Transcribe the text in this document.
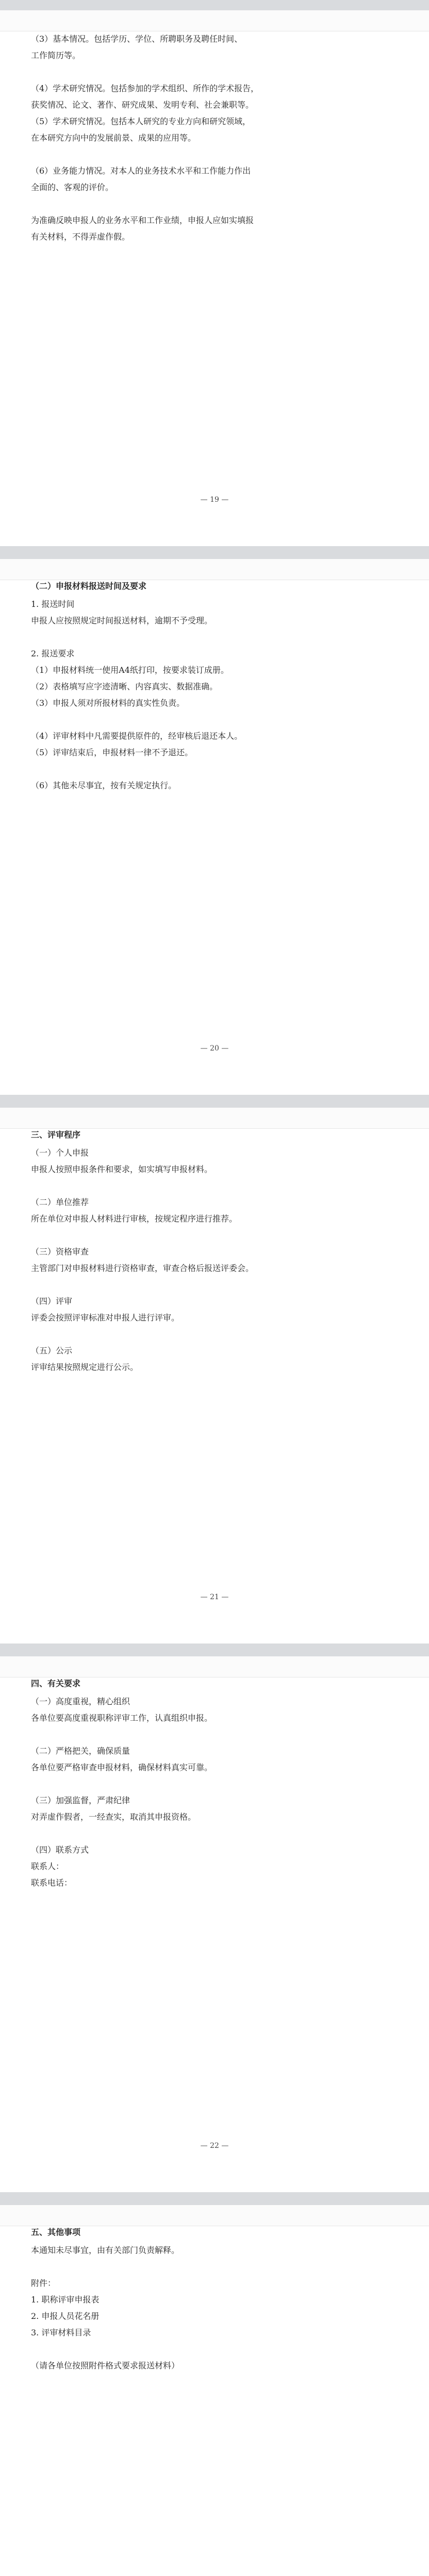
（3）基本情况。包括学历、学位、所聘职务及聘任时间、
工作简历等。
（4）学术研究情况。包括参加的学术组织、所作的学术报告，
获奖情况、论文、著作、研究成果、发明专利、社会兼职等。
（5）学术研究情况。包括本人研究的专业方向和研究领域，
在本研究方向中的发展前景、成果的应用等。
（6）业务能力情况。对本人的业务技术水平和工作能力作出
全面的、客观的评价。
为准确反映申报人的业务水平和工作业绩，申报人应如实填报
有关材料，不得弄虚作假。
— 19 —
（二）申报材料报送时间及要求
1. 报送时间
申报人应按照规定时间报送材料，逾期不予受理。
2. 报送要求
（1）申报材料统一使用A4纸打印，按要求装订成册。
（2）表格填写应字迹清晰、内容真实、数据准确。
（3）申报人须对所报材料的真实性负责。
（4）评审材料中凡需要提供原件的，经审核后退还本人。
（5）评审结束后，申报材料一律不予退还。
（6）其他未尽事宜，按有关规定执行。
— 20 —
三、评审程序
（一）个人申报
申报人按照申报条件和要求，如实填写申报材料。
（二）单位推荐
所在单位对申报人材料进行审核，按规定程序进行推荐。
（三）资格审查
主管部门对申报材料进行资格审查，审查合格后报送评委会。
（四）评审
评委会按照评审标准对申报人进行评审。
（五）公示
评审结果按照规定进行公示。
— 21 —
四、有关要求
（一）高度重视，精心组织
各单位要高度重视职称评审工作，认真组织申报。
（二）严格把关，确保质量
各单位要严格审查申报材料，确保材料真实可靠。
（三）加强监督，严肃纪律
对弄虚作假者，一经查实，取消其申报资格。
（四）联系方式
联系人：
联系电话：
— 22 —
五、其他事项
本通知未尽事宜，由有关部门负责解释。
附件：
1. 职称评审申报表
2. 申报人员花名册
3. 评审材料目录
（请各单位按照附件格式要求报送材料）
